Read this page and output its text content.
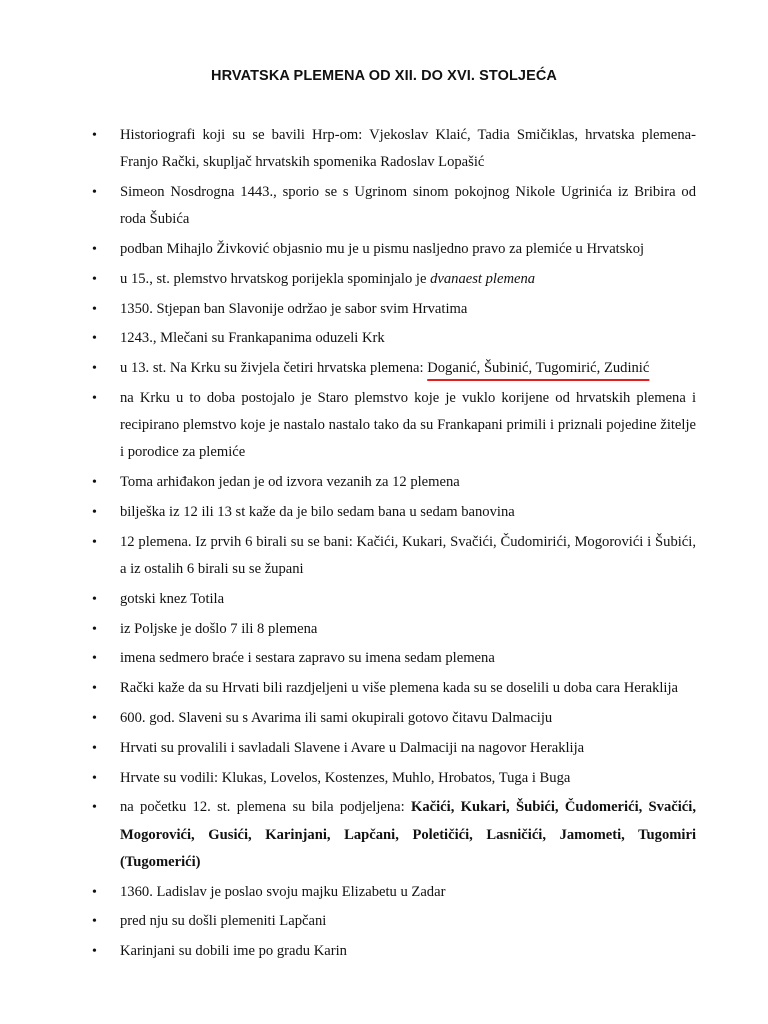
HRVATSKA PLEMENA OD XII. DO XVI. STOLJEĆA
• Historiografi koji su se bavili Hrp-om: Vjekoslav Klaić, Tadia Smičiklas, hrvatska plemena- Franjo Rački, skupljač hrvatskih spomenika Radoslav Lopašić
• Simeon Nosdrogna 1443., sporio se s Ugrinom sinom pokojnog Nikole Ugrinića iz Bribira od roda Šubića
• podban Mihajlo Živković objasnio mu je u pismu nasljedno pravo za plemiće u Hrvatskoj
• u 15., st. plemstvo hrvatskog porijekla spominjalo je dvanaest plemena
• 1350. Stjepan ban Slavonije održao je sabor svim Hrvatima
• 1243., Mlečani su Frankapanima oduzeli Krk
• u 13. st. Na Krku su živjela četiri hrvatska plemena: Doganić, Šubinić, Tugomirić, Zudinić
• na Krku u to doba postojalo je Staro plemstvo koje je vuklo korijene od hrvatskih plemena i recipirano plemstvo koje je nastalo nastalo tako da su Frankapani primili i priznali pojedine žitelje i porodice za plemiće
• Toma arhiđakon jedan je od izvora vezanih za 12 plemena
• bilješka iz 12 ili 13 st kaže da je bilo sedam bana u sedam banovina
• 12 plemena. Iz prvih 6 birali su se bani: Kačići, Kukari, Svačići, Čudomirići, Mogorovići i Šubići, a iz ostalih 6 birali su se župani
• gotski knez Totila
• iz Poljske je došlo 7 ili 8 plemena
• imena sedmero braće i sestara zapravo su imena sedam plemena
• Rački kaže da su Hrvati bili razdjeljeni u više plemena kada su se doselili u doba cara Heraklija
• 600. god. Slaveni su s Avarima ili sami okupirali gotovo čitavu Dalmaciju
• Hrvati su provalili i savladali Slavene i Avare u Dalmaciji na nagovor Heraklija
• Hrvate su vodili: Klukas, Lovelos, Kostenzes, Muhlo, Hrobatos, Tuga i Buga
• na početku 12. st. plemena su bila podjeljena: Kačići, Kukari, Šubići, Čudomerići, Svačići, Mogorovići, Gusići, Karinjani, Lapčani, Poletičići, Lasničići, Jamometi, Tugomiri (Tugomerići)
• 1360. Ladislav je poslao svoju majku Elizabetu u Zadar
• pred nju su došli plemeniti Lapčani
• Karinjani su dobili ime po gradu Karin
